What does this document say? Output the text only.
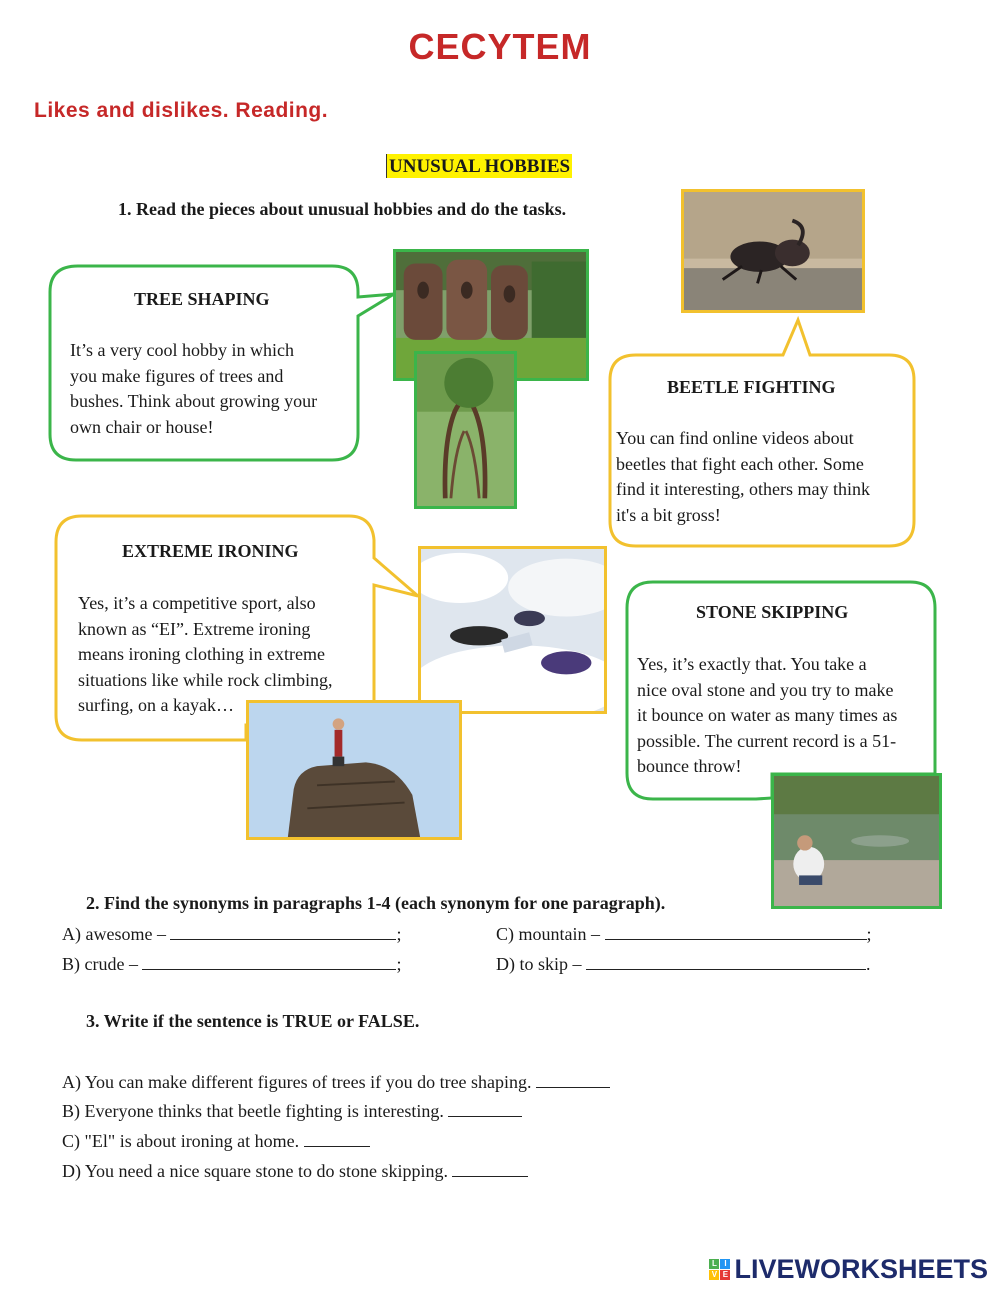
CECYTEM
Likes and dislikes. Reading.
UNUSUAL HOBBIES
1. Read the pieces about unusual hobbies and do the tasks.
TREE SHAPING
It’s a very cool hobby in which
you make figures of trees and
bushes. Think about growing your
own chair or house!
BEETLE FIGHTING
You can find online videos about
beetles that fight each other. Some
find it interesting, others may think
it's a bit gross!
EXTREME IRONING
Yes, it’s a competitive sport, also
known as “EI”. Extreme ironing
means ironing clothing in extreme
situations like while rock climbing,
surfing, on a kayak…
STONE SKIPPING
Yes, it’s exactly that. You take a
nice oval stone and you try to make
it bounce on water as many times as
possible. The current record is a 51-
bounce throw!
2. Find the synonyms in paragraphs 1-4 (each synonym for one paragraph).
A) awesome –	;
B) crude –	;
C) mountain –	;
D) to skip –	.
3. Write if the sentence is TRUE or FALSE.
A) You can make different figures of trees if you do tree shaping.
B) Everyone thinks that beetle fighting is interesting.
C) "El" is about ironing at home.
D) You need a nice square stone to do stone skipping.
L I
V E LIVEWORKSHEETS
